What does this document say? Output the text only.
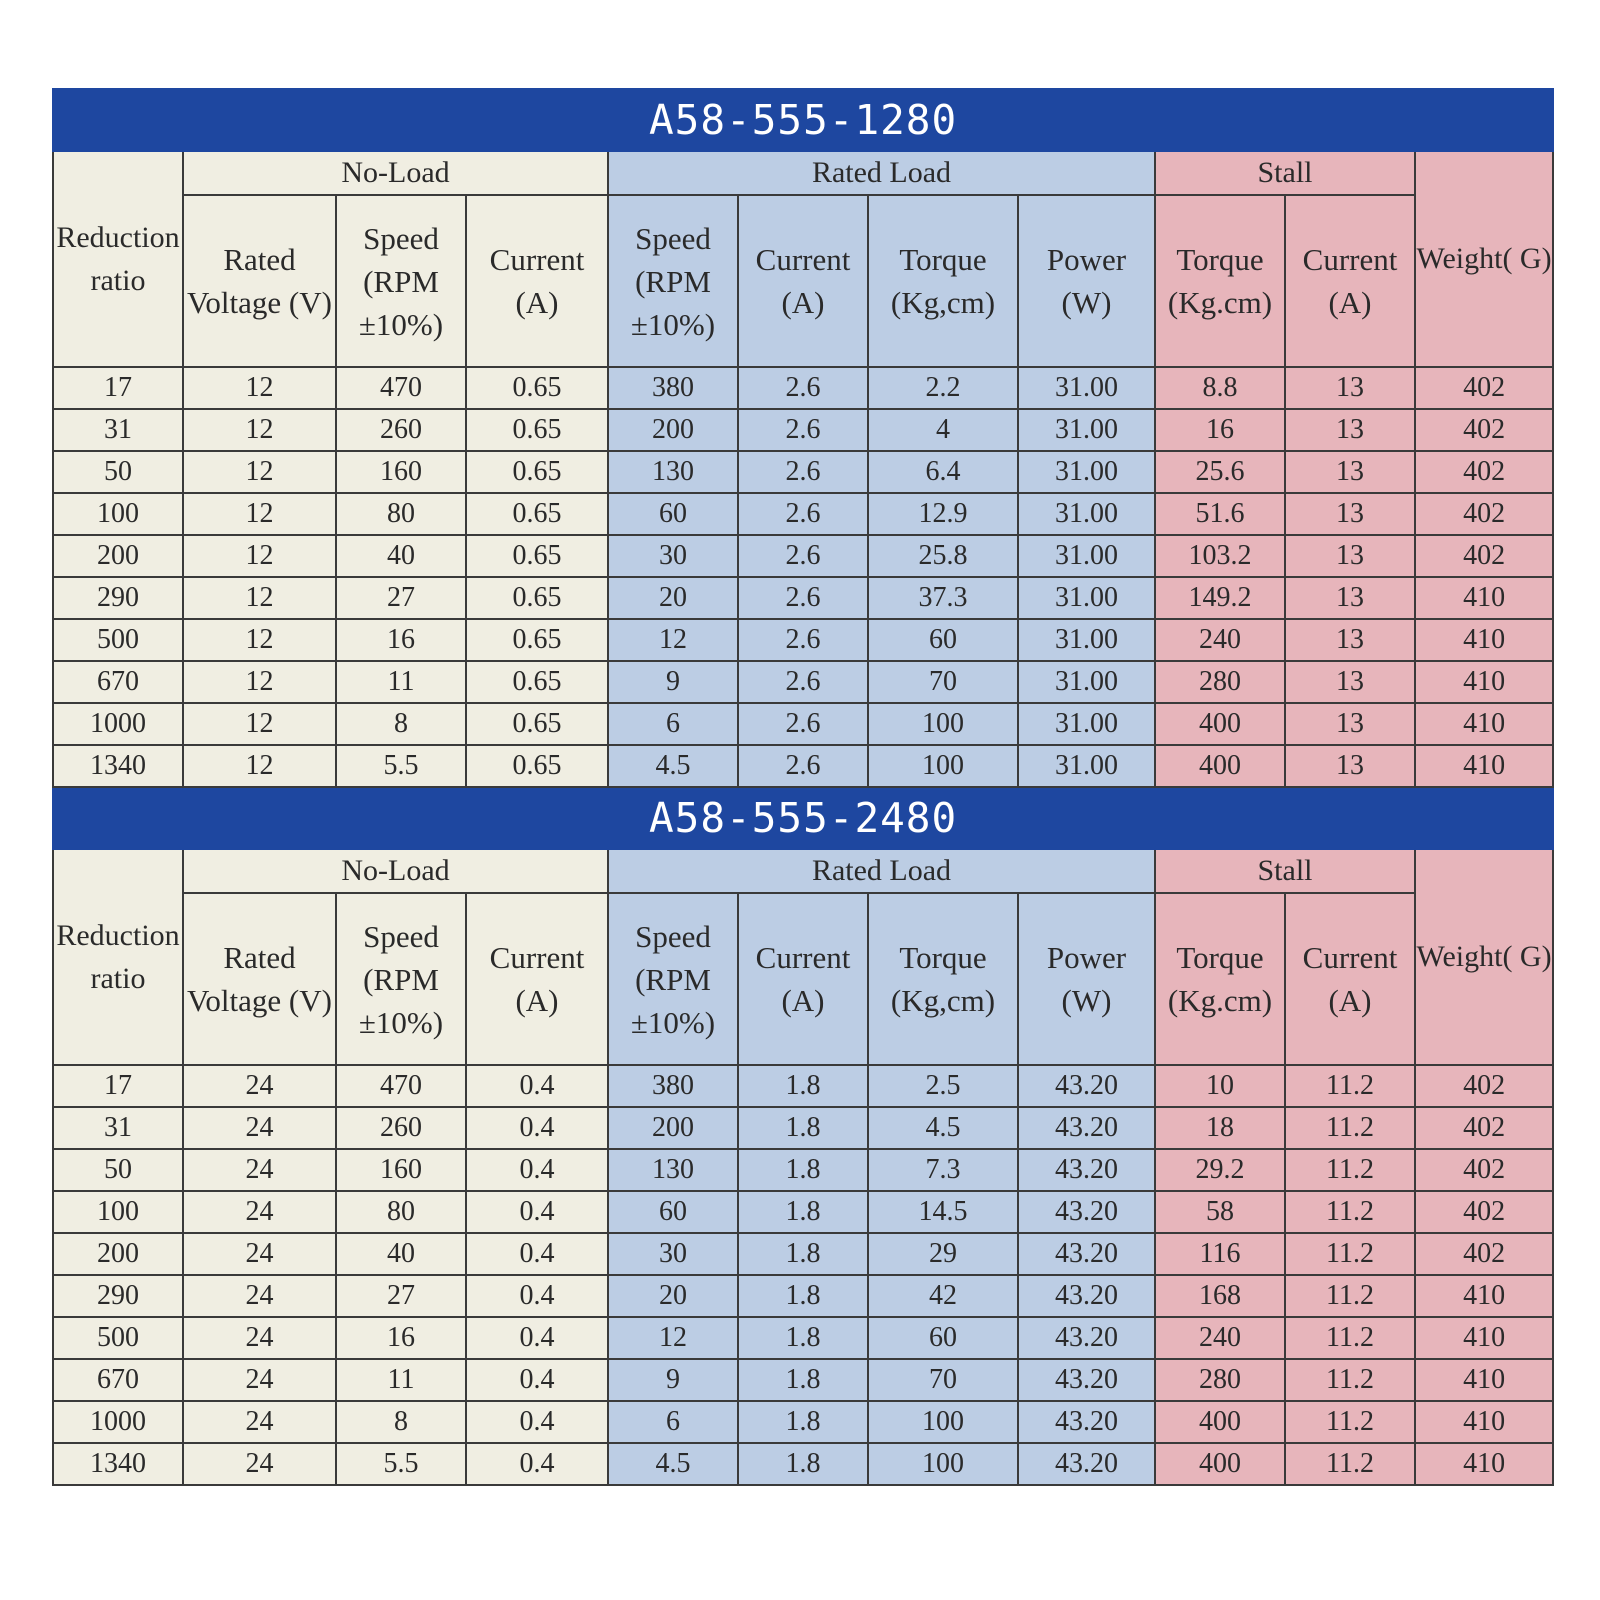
A58-555-1280										
Reduction ratio	No-Load			Rated Load				Stall		Weight( G)
	Rated Voltage (V)	Speed (RPM ±10%)	Current (A)	Speed (RPM ±10%)	Current (A)	Torque (Kg,cm)	Power (W)	Torque (Kg.cm)	Current (A)	
17	12	470	0.65	380	2.6	2.2	31.00	8.8	13	402
31	12	260	0.65	200	2.6	4	31.00	16	13	402
50	12	160	0.65	130	2.6	6.4	31.00	25.6	13	402
100	12	80	0.65	60	2.6	12.9	31.00	51.6	13	402
200	12	40	0.65	30	2.6	25.8	31.00	103.2	13	402
290	12	27	0.65	20	2.6	37.3	31.00	149.2	13	410
500	12	16	0.65	12	2.6	60	31.00	240	13	410
670	12	11	0.65	9	2.6	70	31.00	280	13	410
1000	12	8	0.65	6	2.6	100	31.00	400	13	410
1340	12	5.5	0.65	4.5	2.6	100	31.00	400	13	410
A58-555-2480										
Reduction ratio	No-Load			Rated Load				Stall		Weight( G)
	Rated Voltage (V)	Speed (RPM ±10%)	Current (A)	Speed (RPM ±10%)	Current (A)	Torque (Kg,cm)	Power (W)	Torque (Kg.cm)	Current (A)	
17	24	470	0.4	380	1.8	2.5	43.20	10	11.2	402
31	24	260	0.4	200	1.8	4.5	43.20	18	11.2	402
50	24	160	0.4	130	1.8	7.3	43.20	29.2	11.2	402
100	24	80	0.4	60	1.8	14.5	43.20	58	11.2	402
200	24	40	0.4	30	1.8	29	43.20	116	11.2	402
290	24	27	0.4	20	1.8	42	43.20	168	11.2	410
500	24	16	0.4	12	1.8	60	43.20	240	11.2	410
670	24	11	0.4	9	1.8	70	43.20	280	11.2	410
1000	24	8	0.4	6	1.8	100	43.20	400	11.2	410
1340	24	5.5	0.4	4.5	1.8	100	43.20	400	11.2	410
